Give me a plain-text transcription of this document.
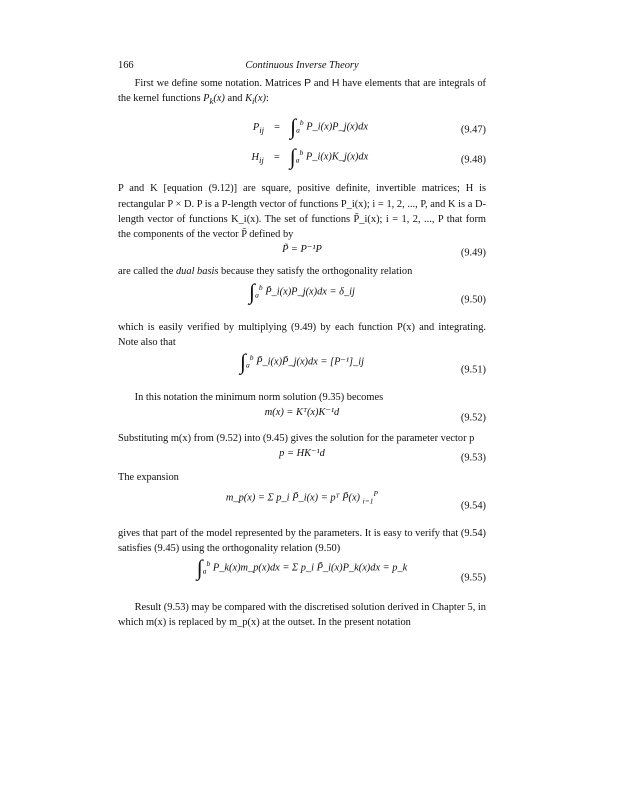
166	Continuous Inverse Theory

First we define some notation. Matrices P and H have elements that are integrals of the kernel functions $P_k(x)$ and $K_i(x)$:

$P_{ij} = \int_a^b$ P_i(x)P_j(x)dx	(9.47)
$H_{ij} = \int_a^b$ P_i(x)K_j(x)dx	(9.48)

P and K [equation (9.12)] are square, positive definite, invertible matrices; H is rectangular P × D. P is a P-length vector of functions P_i(x); i = 1, 2, ..., P, and K is a D-length vector of functions K_i(x). The set of functions P̃_i(x); i = 1, 2, ..., P that form the components of the vector P̃ defined by

P̃ = P⁻¹P	(9.49)

are called the dual basis because they satisfy the orthogonality relation

$\int_a^b$ P̃_i(x)P_j(x)dx = δ_ij
(9.50)

which is easily verified by multiplying (9.49) by each function P(x) and integrating. Note also that

$\int_a^b$ P̃_i(x)P̃_j(x)dx = [P⁻¹]_ij
(9.51)

In this notation the minimum norm solution (9.35) becomes

m(x) = Kᵀ(x)K⁻¹d	(9.52)

Substituting m(x) from (9.52) into (9.45) gives the solution for the parameter vector p

p = HK⁻¹d	(9.53)

The expansion

m_p(x) = Σ p_i P̃_i(x) = pᵀ P̃(x) $_{i=1}^P$
(9.54)

gives that part of the model represented by the parameters. It is easy to verify that (9.54) satisfies (9.45) using the orthogonality relation (9.50)

$\int_a^b$ P_k(x)m_p(x)dx = Σ p_i P̃_i(x)P_k(x)dx = p_k
(9.55)

Result (9.53) may be compared with the discretised solution derived in Chapter 5, in which m(x) is replaced by m_p(x) at the outset. In the present notation
